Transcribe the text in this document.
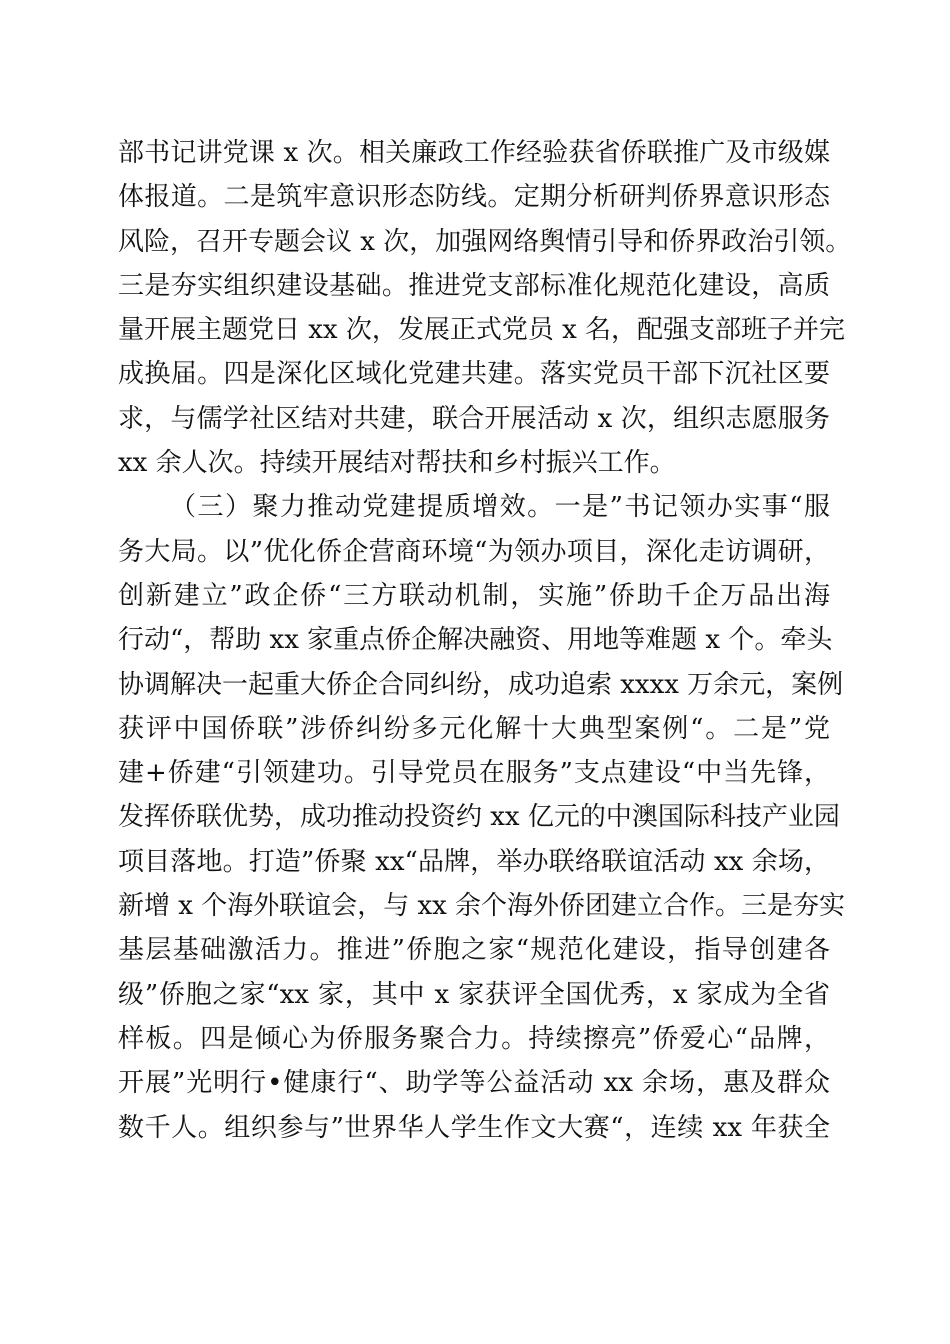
部书记讲党课 x 次。相关廉政工作经验获省侨联推广及市级媒
体报道。二是筑牢意识形态防线。定期分析研判侨界意识形态
风险，召开专题会议 x 次，加强网络舆情引导和侨界政治引领。
三是夯实组织建设基础。推进党支部标准化规范化建设，高质
量开展主题党日 xx 次，发展正式党员 x 名，配强支部班子并完
成换届。四是深化区域化党建共建。落实党员干部下沉社区要
求，与儒学社区结对共建，联合开展活动 x 次，组织志愿服务
xx 余人次。持续开展结对帮扶和乡村振兴工作。
（三）聚力推动党建提质增效。一是”书记领办实事“服
务大局。以”优化侨企营商环境“为领办项目，深化走访调研，
创新建立”政企侨“三方联动机制，实施”侨助千企万品出海
行动“，帮助 xx 家重点侨企解决融资、用地等难题 x 个。牵头
协调解决一起重大侨企合同纠纷，成功追索 xxxx 万余元，案例
获评中国侨联”涉侨纠纷多元化解十大典型案例“。二是”党
建+侨建“引领建功。引导党员在服务”支点建设“中当先锋，
发挥侨联优势，成功推动投资约 xx 亿元的中澳国际科技产业园
项目落地。打造”侨聚 xx“品牌，举办联络联谊活动 xx 余场，
新增 x 个海外联谊会，与 xx 余个海外侨团建立合作。三是夯实
基层基础激活力。推进”侨胞之家“规范化建设，指导创建各
级”侨胞之家“xx 家，其中 x 家获评全国优秀，x 家成为全省
样板。四是倾心为侨服务聚合力。持续擦亮”侨爱心“品牌，
开展”光明行•健康行“、助学等公益活动 xx 余场，惠及群众
数千人。组织参与”世界华人学生作文大赛“，连续 xx 年获全
